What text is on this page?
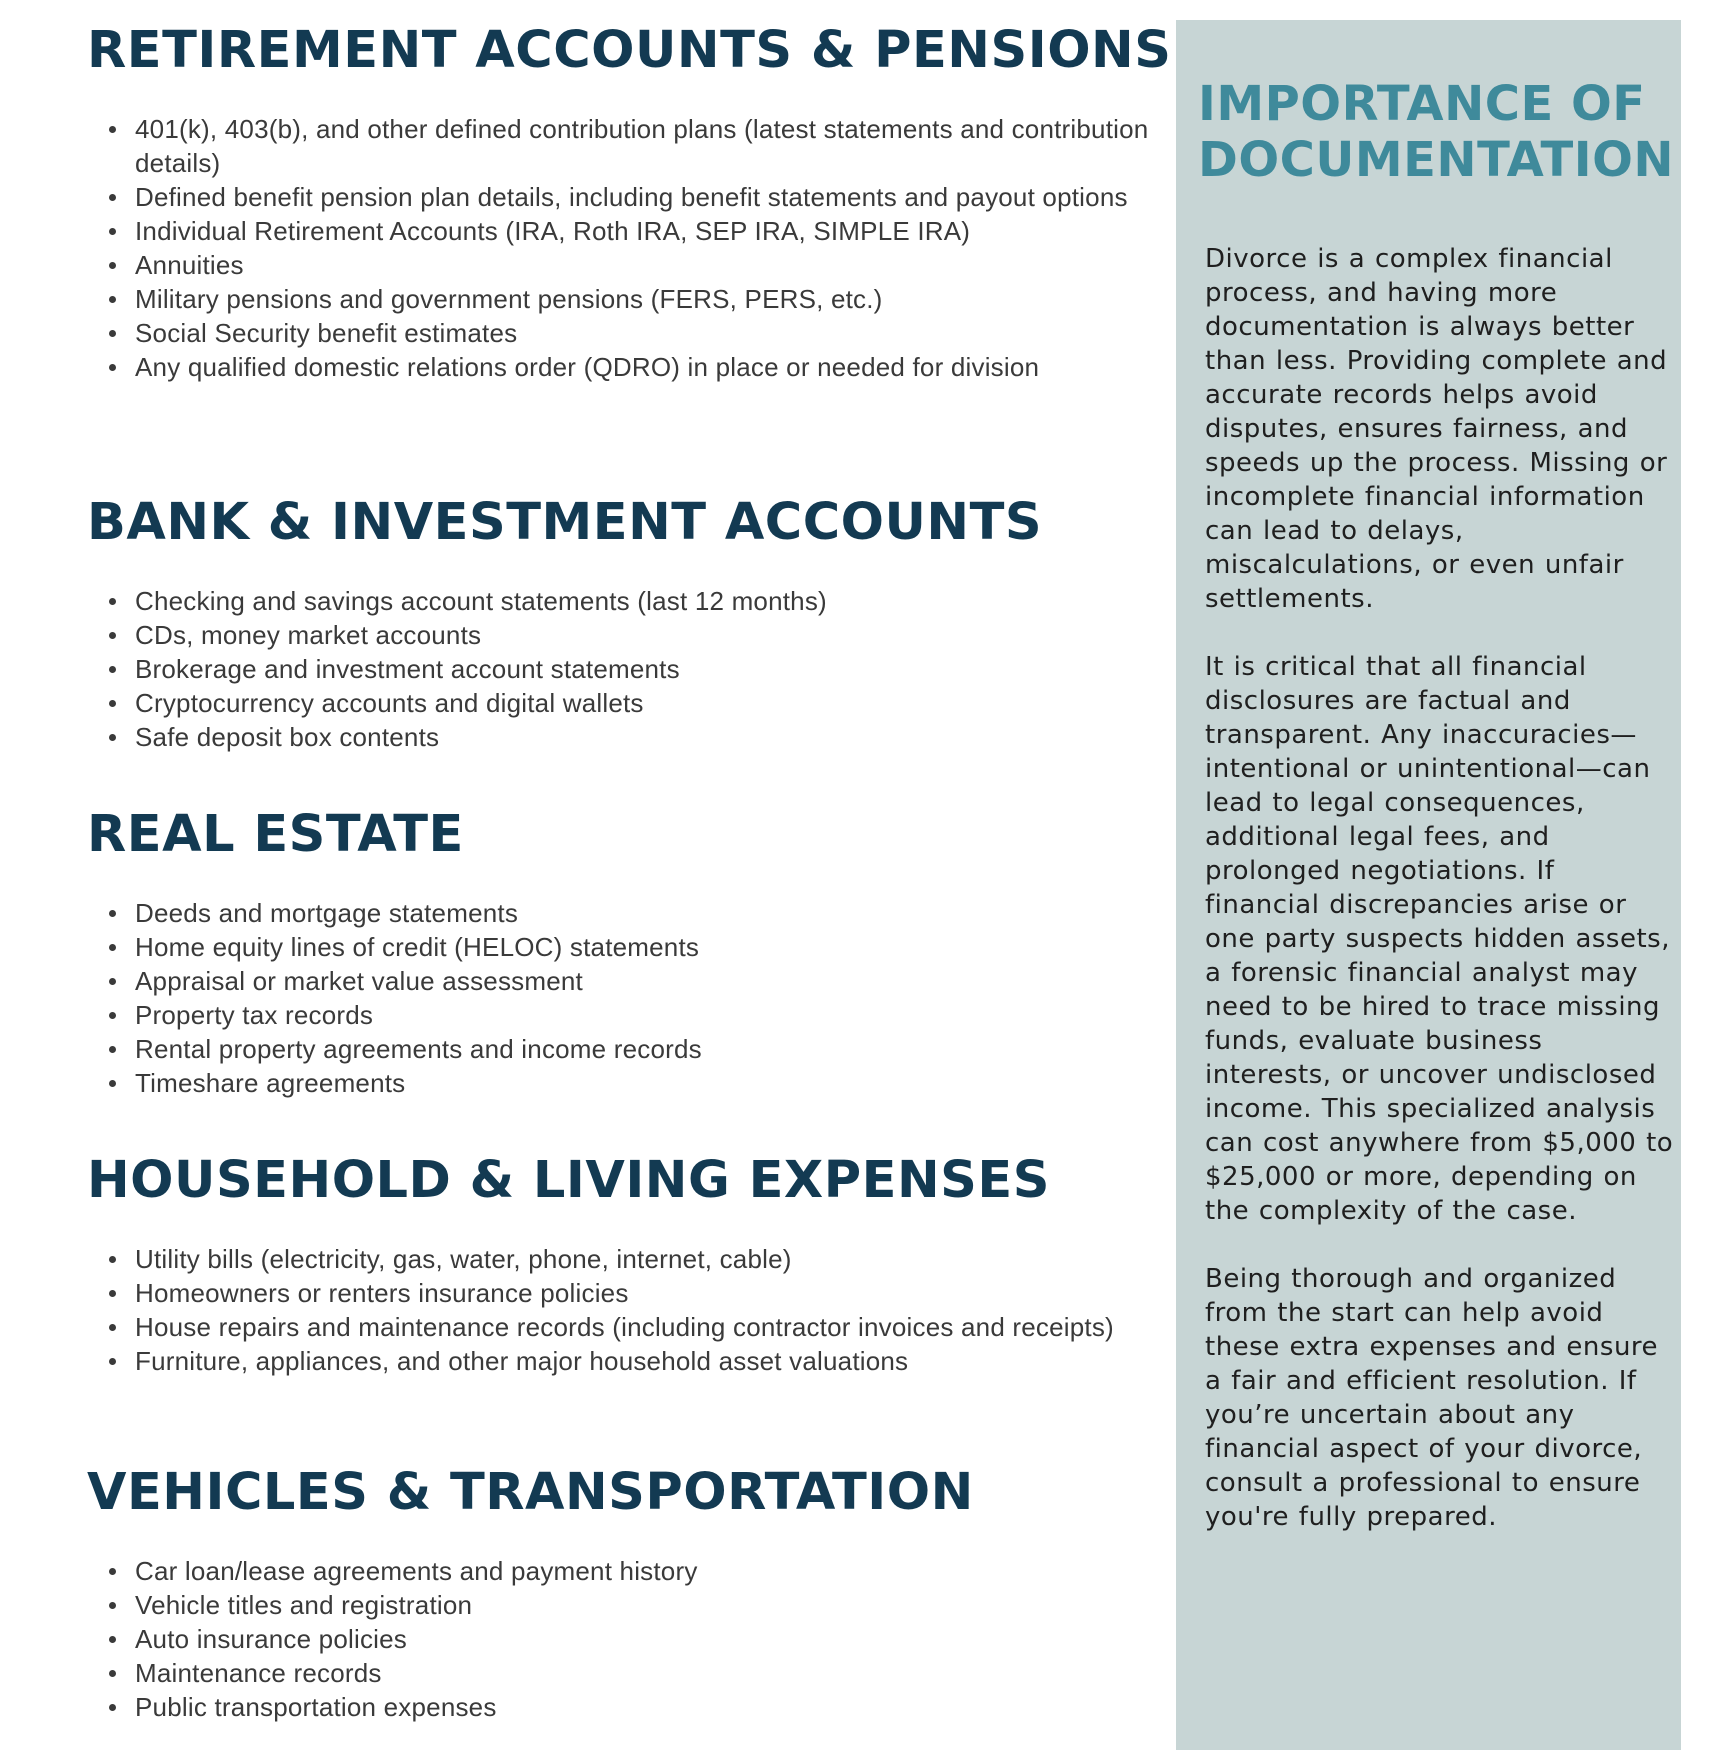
RETIREMENT ACCOUNTS & PENSIONS
401(k), 403(b), and other defined contribution plans (latest statements and contribution details)
Defined benefit pension plan details, including benefit statements and payout options
Individual Retirement Accounts (IRA, Roth IRA, SEP IRA, SIMPLE IRA)
Annuities
Military pensions and government pensions (FERS, PERS, etc.)
Social Security benefit estimates
Any qualified domestic relations order (QDRO) in place or needed for division
BANK & INVESTMENT ACCOUNTS
Checking and savings account statements (last 12 months)
CDs, money market accounts
Brokerage and investment account statements
Cryptocurrency accounts and digital wallets
Safe deposit box contents
REAL ESTATE
Deeds and mortgage statements
Home equity lines of credit (HELOC) statements
Appraisal or market value assessment
Property tax records
Rental property agreements and income records
Timeshare agreements
HOUSEHOLD & LIVING EXPENSES
Utility bills (electricity, gas, water, phone, internet, cable)
Homeowners or renters insurance policies
House repairs and maintenance records (including contractor invoices and receipts)
Furniture, appliances, and other major household asset valuations
VEHICLES & TRANSPORTATION
Car loan/lease agreements and payment history
Vehicle titles and registration
Auto insurance policies
Maintenance records
Public transportation expenses
IMPORTANCE OF DOCUMENTATION

Divorce is a complex financial process, and having more documentation is always better than less. Providing complete and accurate records helps avoid disputes, ensures fairness, and speeds up the process. Missing or incomplete financial information can lead to delays, miscalculations, or even unfair settlements.

It is critical that all financial disclosures are factual and transparent. Any inaccuracies—intentional or unintentional—can lead to legal consequences, additional legal fees, and prolonged negotiations. If financial discrepancies arise or one party suspects hidden assets, a forensic financial analyst may need to be hired to trace missing funds, evaluate business interests, or uncover undisclosed income. This specialized analysis can cost anywhere from $5,000 to $25,000 or more, depending on the complexity of the case.

Being thorough and organized from the start can help avoid these extra expenses and ensure a fair and efficient resolution. If you’re uncertain about any financial aspect of your divorce, consult a professional to ensure you're fully prepared.
